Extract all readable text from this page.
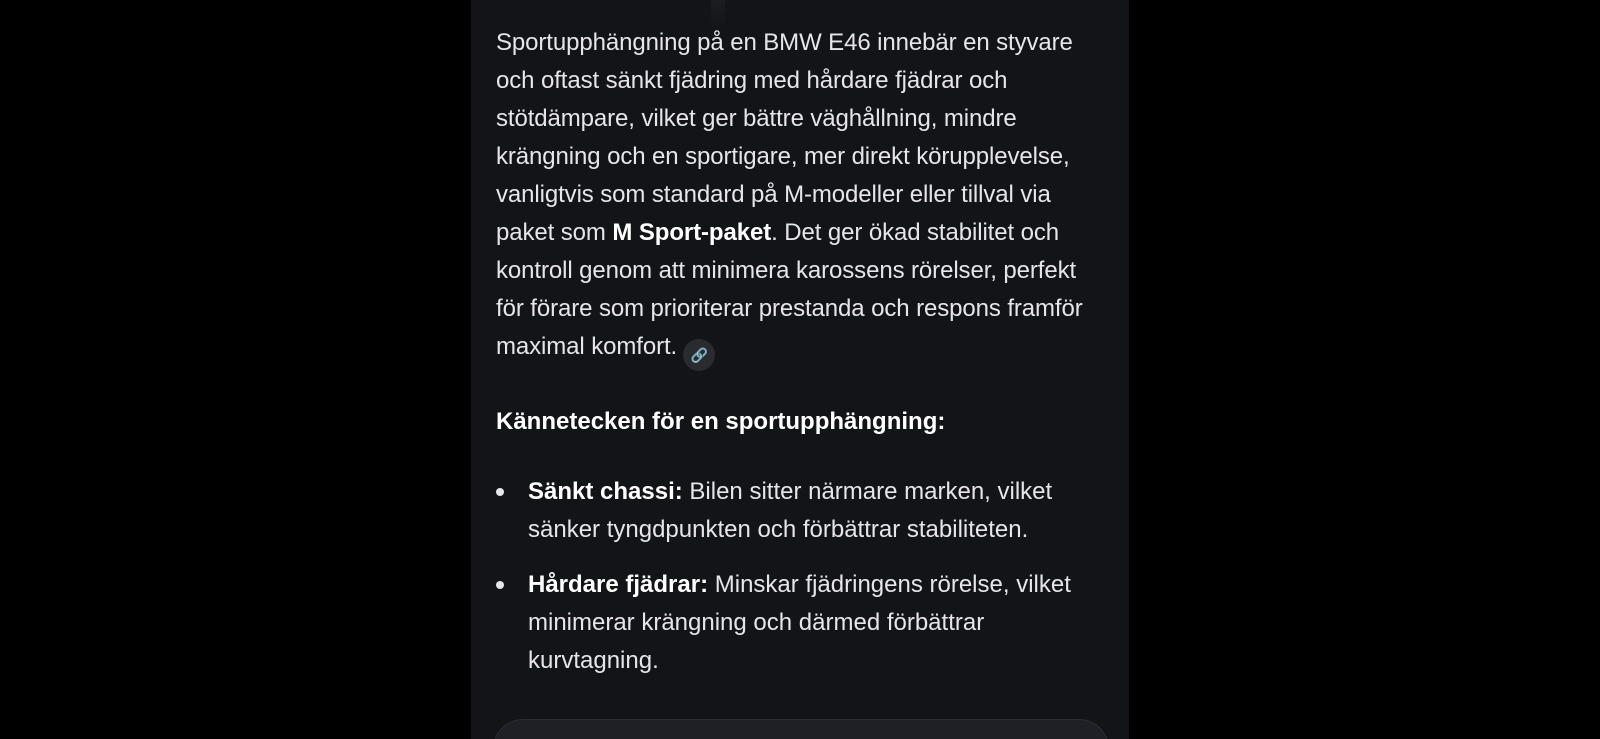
Sportupphängning på en BMW E46 innebär en styvare och oftast sänkt fjädring med hårdare fjädrar och stötdämpare, vilket ger bättre väghållning, mindre krängning och en sportigare, mer direkt körupplevelse, vanligtvis som standard på M-modeller eller tillval via paket som M Sport-paket. Det ger ökad stabilitet och kontroll genom att minimera karossens rörelser, perfekt för förare som prioriterar prestanda och respons framför maximal komfort. 🔗

Kännetecken för en sportupphängning:

Sänkt chassi: Bilen sitter närmare marken, vilket sänker tyngdpunkten och förbättrar stabiliteten.
Hårdare fjädrar: Minskar fjädringens rörelse, vilket minimerar krängning och därmed förbättrar kurvtagning.
